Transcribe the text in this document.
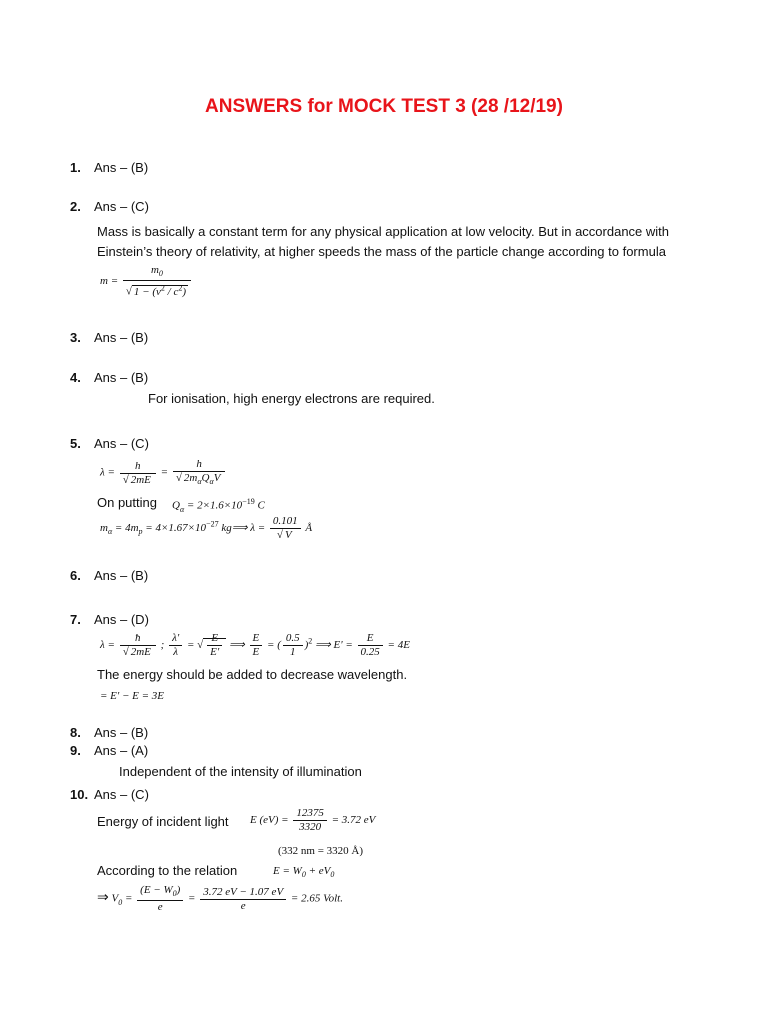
ANSWERS for MOCK TEST 3 (28 /12/19)
1. Ans – (B)
2. Ans – (C)
Mass is basically a constant term for any physical application at low velocity. But in accordance with
Einstein’s theory of relativity, at higher speeds the mass of the particle change according to formula
$m = \frac{m_0}{√ 1 - (v^2 / c^2)}$
3. Ans – (B)
4. Ans – (B)
For ionisation, high energy electrons are required.
5. Ans – (C)
$\lambda = \frac{h}{√ 2mE} = \frac{h}{√ 2m_\alpha Q_\alpha V}$
On putting $Q_\alpha = 2\times 1.6\times 10^{-19}$ C
$m_\alpha = 4m_p = 4\times 1.67\times 10^{-27}$ kg⟹ $\lambda = \frac{0.101}{√ V}$ Å
6. Ans – (B)
7. Ans – (D)
$\lambda = \frac{ħ}{√ 2mE}$ ; $\frac{\lambda'}{\lambda}$ = √ $\frac{E}{E'}$ ⟹ $\frac{E}{E}$ = ( $\frac{0.5}{1} )^2$ ⟹ $E' = \frac{E}{0.25} = 4E$
The energy should be added to decrease wavelength.
= E' − E = 3E
8. Ans – (B)
9. Ans – (A)
Independent of the intensity of illumination
10. Ans – (C)
Energy of incident light E $(eV) = \frac{12375}{3320} = 3.72$ eV
(332 nm = 3320 Å)
According to the relation	$E = W_0 + eV_0$
⇒ $V_0 = \frac{(E - W_0)}{e} = \frac{3.72 eV - 1.07 eV}{e} = 2.65$ Volt.
